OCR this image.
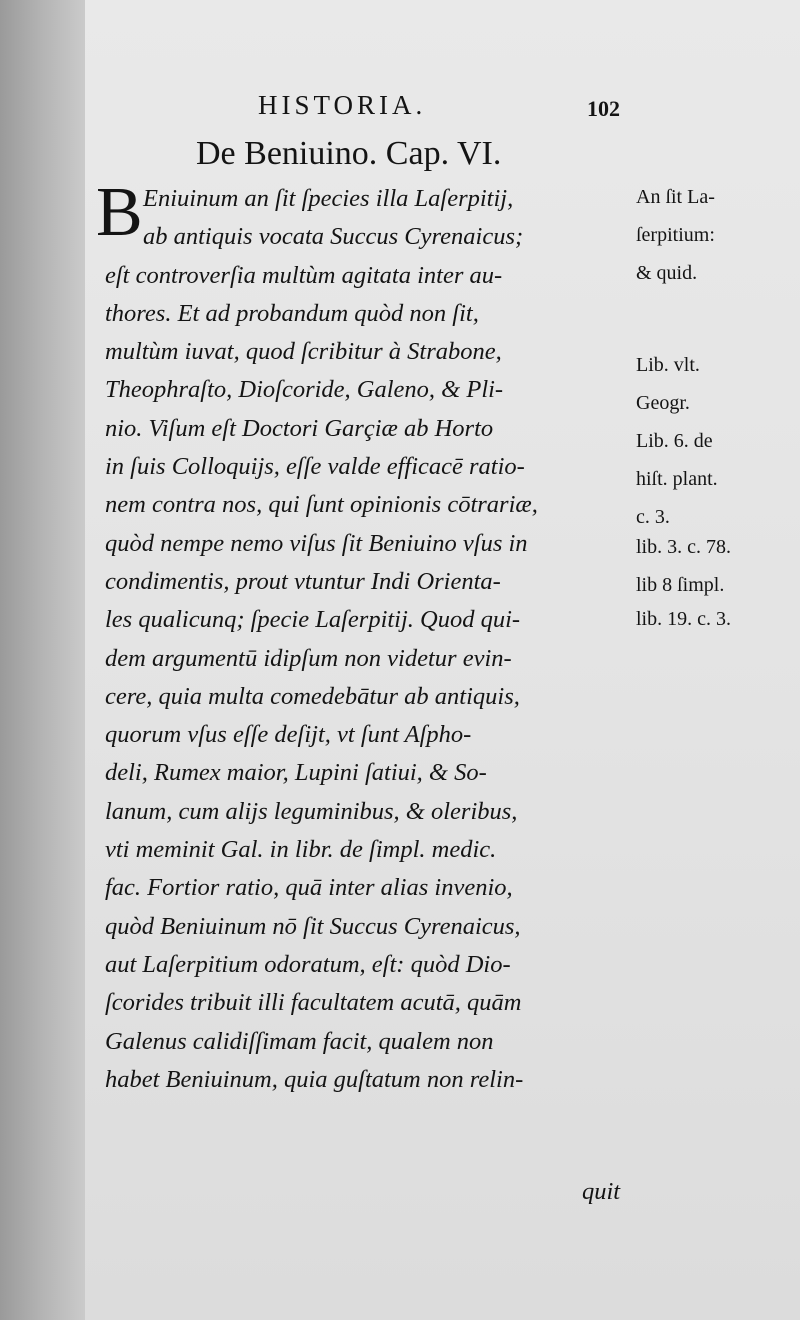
HISTORIA.	102
De Beniuino. Cap. VI.
B Eniuinum an ſit ſpecies illa Laſerpitij,
ab antiquis vocata Succus Cyrenaicus;
eſt controverſia multùm agitata inter au-
thores. Et ad probandum quòd non ſit,
multùm iuvat, quod ſcribitur à Strabone,
Theophraſto, Dioſcoride, Galeno, & Pli-
nio. Viſum eſt Doctori Garçiæ ab Horto
in ſuis Colloquijs, eſſe valde efficacē ratio-
nem contra nos, qui ſunt opinionis cōtrariæ,
quòd nempe nemo viſus ſit Beniuino vſus in
condimentis, prout vtuntur Indi Orienta-
les qualicunq; ſpecie Laſerpitij. Quod qui-
dem argumentū idipſum non videtur evin-
cere, quia multa comedebātur ab antiquis,
quorum vſus eſſe deſijt, vt ſunt Aſpho-
deli, Rumex maior, Lupini ſatiui, & So-
lanum, cum alijs leguminibus, & oleribus,
vti meminit Gal. in libr. de ſimpl. medic.
fac. Fortior ratio, quā inter alias invenio,
quòd Beniuinum nō ſit Succus Cyrenaicus,
aut Laſerpitium odoratum, eſt: quòd Dio-
ſcorides tribuit illi facultatem acutā, quām
Galenus calidiſſimam facit, qualem non
habet Beniuinum, quia guſtatum non relin-
quit
An ſit La-
ſerpitium:
& quid.
Lib. vlt.
Geogr.
Lib. 6. de
hiſt. plant.
c. 3.
lib. 3. c. 78.
lib 8 ſimpl.
lib. 19. c. 3.
